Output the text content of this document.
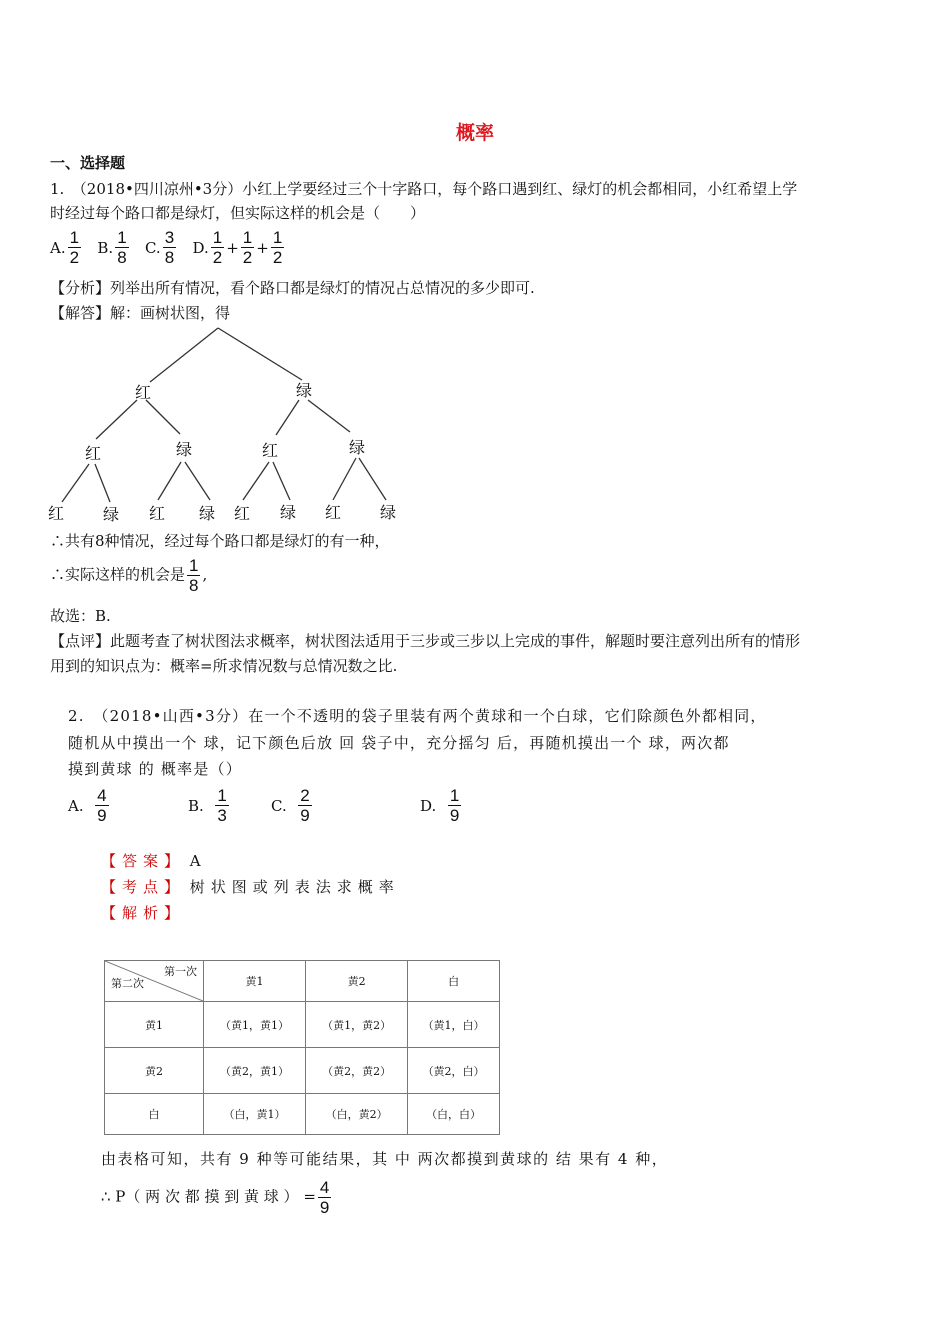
概率
一、选择题
1.　（2018•四川凉州•3分）小红上学要经过三个十字路口，每个路口遇到红、绿灯的机会都相同，小红希望上学
时经过每个路口都是绿灯，但实际这样的机会是（　　）
A. $\frac{1}{2}$
B. $\frac{1}{8}$
C. $\frac{3}{8}$
D. $\frac{1}{2} + \frac{1}{2} + \frac{1}{2}$
【分析】列举出所有情况，看个路口都是绿灯的情况占总情况的多少即可.
【解答】解：画树状图，得
红	绿
红	绿	红	绿
红 绿 红 绿 红 绿 红 绿
∴共有8种情况，经过每个路口都是绿灯的有一种，
∴实际这样的机会是 $\frac{1}{8}$ ,
故选：B.
【点评】此题考查了树状图法求概率，树状图法适用于三步或三步以上完成的事件，解题时要注意列出所有的情形
用到的知识点为：概率=所求情况数与总情况数之比.
2.　（2018•山西•3分）在一个不透明的袋子里装有两个黄球和一个白球，它们除颜色外都相同，
随机从中摸出一个 球，记下颜色后放 回 袋子中，充分摇匀 后，再随机摸出一个 球，两次都
摸到黄球 的 概率是（）
A.
$\frac{4}{9}$	B.
$\frac{1}{3}$	C.
$\frac{2}{9}$	D.
$\frac{1}{9}$
【答案】 A
【考点】 树状图或列表法求概率
【解析】
第一次
第二次	黄1	黄2	白
黄1	（黄1，黄1）	（黄1，黄2）	（黄1，白）
黄2	（黄2，黄1）	（黄2，黄2）	（黄2，白）
白	（白，黄1）	（白，黄2）	（白，白）
由表格可知，共有 9 种等可能结果，其 中 两次都摸到黄球的 结 果有 4 种，
∴ P（ 两 次 都 摸 到 黄 球 ） = $\frac{4}{9}$
